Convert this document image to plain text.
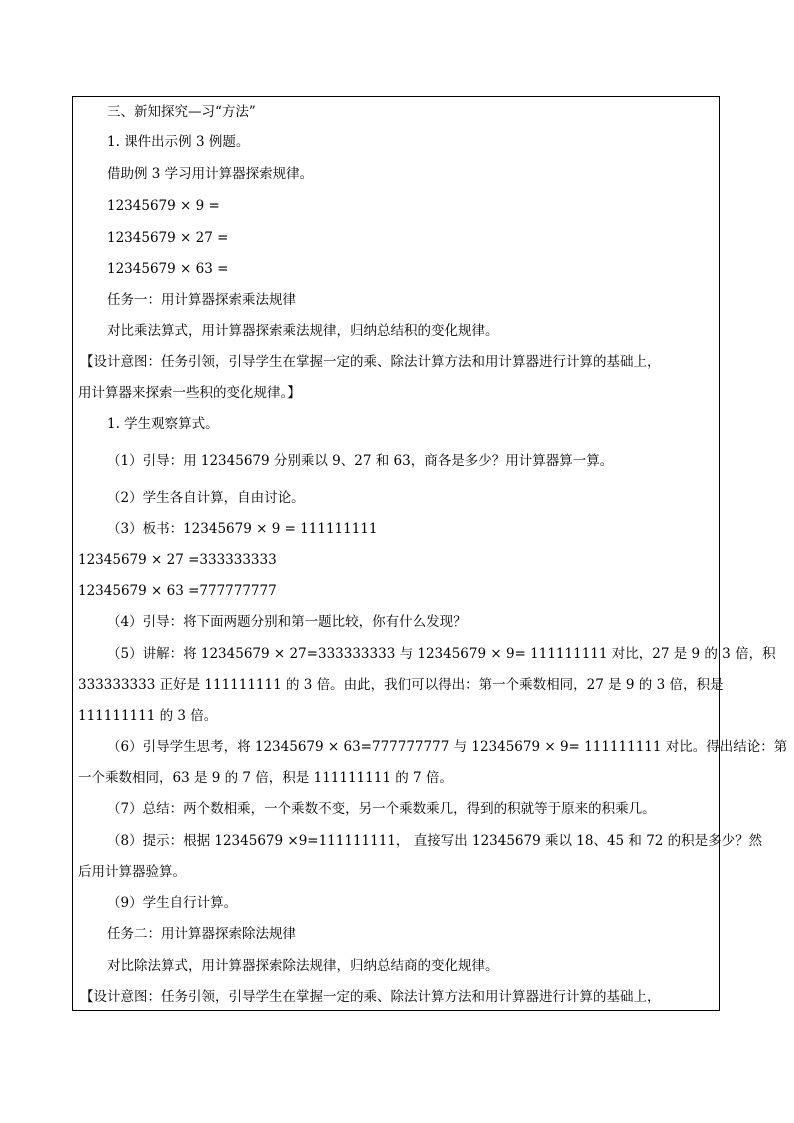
三、新知探究—习“方法”
1. 课件出示例 3 例题。
借助例 3 学习用计算器探索规律。
12345679 × 9 =
12345679 × 27 =
12345679 × 63 =
任务一：用计算器探索乘法规律
对比乘法算式，用计算器探索乘法规律，归纳总结积的变化规律。
【设计意图：任务引领，引导学生在掌握一定的乘、除法计算方法和用计算器进行计算的基础上，
用计算器来探索一些积的变化规律。】
1. 学生观察算式。
（1）引导：用 12345679 分别乘以 9、27 和 63，商各是多少？用计算器算一算。
（2）学生各自计算，自由讨论。
（3）板书：12345679 × 9 = 111111111
12345679 × 27 =333333333
12345679 × 63 =777777777
（4）引导：将下面两题分别和第一题比较，你有什么发现？
（5）讲解：将 12345679 × 27=333333333 与 12345679 × 9= 111111111 对比，27 是 9 的 3 倍，积
333333333 正好是 111111111 的 3 倍。由此，我们可以得出：第一个乘数相同，27 是 9 的 3 倍，积是
111111111 的 3 倍。
（6）引导学生思考，将 12345679 × 63=777777777 与 12345679 × 9= 111111111 对比。得出结论：第
一个乘数相同，63 是 9 的 7 倍，积是 111111111 的 7 倍。
（7）总结：两个数相乘，一个乘数不变，另一个乘数乘几，得到的积就等于原来的积乘几。
（8）提示：根据 12345679 ×9=111111111， 直接写出 12345679 乘以 18、45 和 72 的积是多少？然
后用计算器验算。
（9）学生自行计算。
任务二：用计算器探索除法规律
对比除法算式，用计算器探索除法规律，归纳总结商的变化规律。
【设计意图：任务引领，引导学生在掌握一定的乘、除法计算方法和用计算器进行计算的基础上，
